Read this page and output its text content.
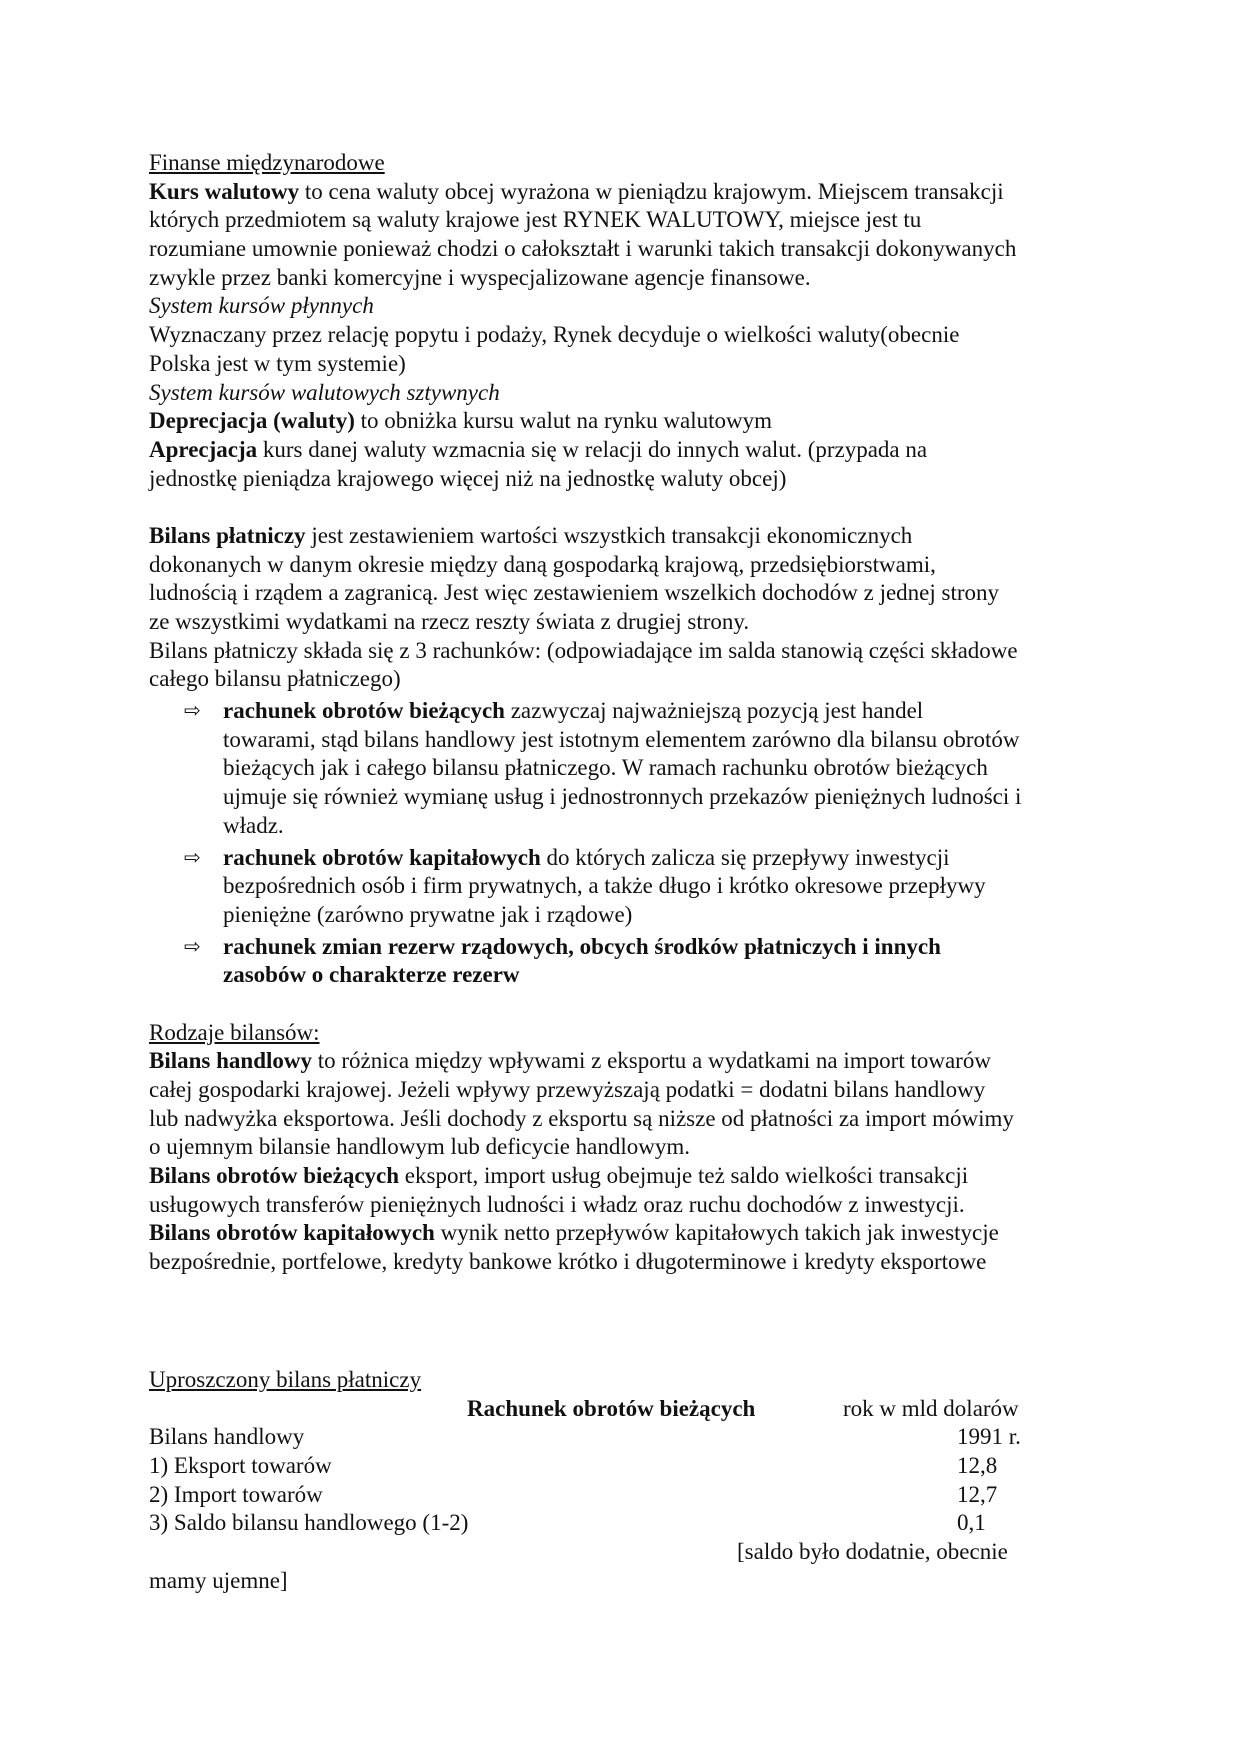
Finanse międzynarodowe
Kurs walutowy to cena waluty obcej wyrażona w pieniądzu krajowym. Miejscem transakcji
których przedmiotem są waluty krajowe jest RYNEK WALUTOWY, miejsce jest tu
rozumiane umownie ponieważ chodzi o całokształt i warunki takich transakcji dokonywanych
zwykle przez banki komercyjne i wyspecjalizowane agencje finansowe.
System kursów płynnych
Wyznaczany przez relację popytu i podaży, Rynek decyduje o wielkości waluty(obecnie
Polska jest w tym systemie)
System kursów walutowych sztywnych
Deprecjacja (waluty) to obniżka kursu walut na rynku walutowym
Aprecjacja kurs danej waluty wzmacnia się w relacji do innych walut. (przypada na
jednostkę pieniądza krajowego więcej niż na jednostkę waluty obcej)
Bilans płatniczy jest zestawieniem wartości wszystkich transakcji ekonomicznych
dokonanych w danym okresie między daną gospodarką krajową, przedsiębiorstwami,
ludnością i rządem a zagranicą. Jest więc zestawieniem wszelkich dochodów z jednej strony
ze wszystkimi wydatkami na rzecz reszty świata z drugiej strony.
Bilans płatniczy składa się z 3 rachunków: (odpowiadające im salda stanowią części składowe
całego bilansu płatniczego)
⇨ rachunek obrotów bieżących zazwyczaj najważniejszą pozycją jest handel
towarami, stąd bilans handlowy jest istotnym elementem zarówno dla bilansu obrotów
bieżących jak i całego bilansu płatniczego. W ramach rachunku obrotów bieżących
ujmuje się również wymianę usług i jednostronnych przekazów pieniężnych ludności i
władz.
⇨ rachunek obrotów kapitałowych do których zalicza się przepływy inwestycji
bezpośrednich osób i firm prywatnych, a także długo i krótko okresowe przepływy
pieniężne (zarówno prywatne jak i rządowe)
⇨ rachunek zmian rezerw rządowych, obcych środków płatniczych i innych
zasobów o charakterze rezerw
Rodzaje bilansów:
Bilans handlowy to różnica między wpływami z eksportu a wydatkami na import towarów
całej gospodarki krajowej. Jeżeli wpływy przewyższają podatki = dodatni bilans handlowy
lub nadwyżka eksportowa. Jeśli dochody z eksportu są niższe od płatności za import mówimy
o ujemnym bilansie handlowym lub deficycie handlowym.
Bilans obrotów bieżących eksport, import usług obejmuje też saldo wielkości transakcji
usługowych transferów pieniężnych ludności i władz oraz ruchu dochodów z inwestycji.
Bilans obrotów kapitałowych wynik netto przepływów kapitałowych takich jak inwestycje
bezpośrednie, portfelowe, kredyty bankowe krótko i długoterminowe i kredyty eksportowe
Uproszczony bilans płatniczy
Rachunek obrotów bieżących	rok w mld dolarów
Bilans handlowy	1991 r.
1) Eksport towarów	12,8
2) Import towarów	12,7
3) Saldo bilansu handlowego (1-2)	0,1
[saldo było dodatnie, obecnie
mamy ujemne]
